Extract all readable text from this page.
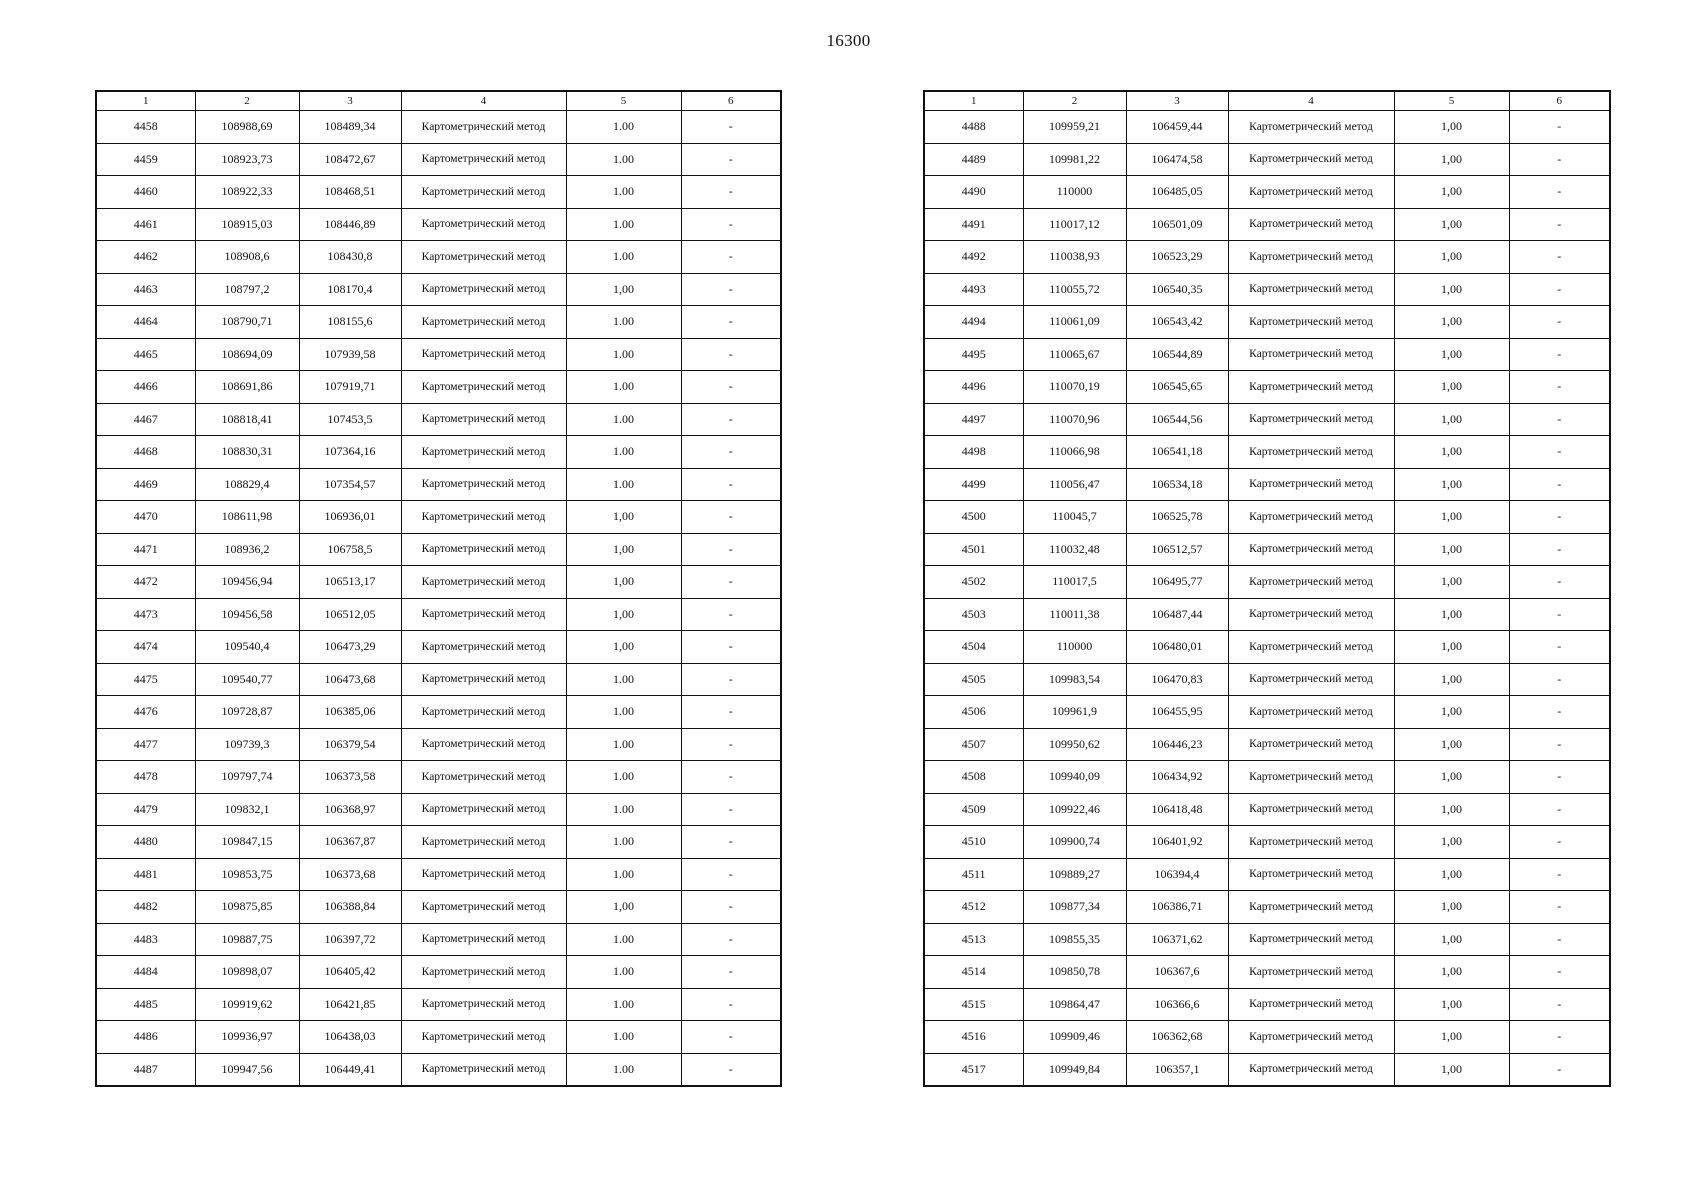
16300
1	2	3	4	5	6
4458	108988,69	108489,34	Картометрический метод	1.00	-
4459	108923,73	108472,67	Картометрический метод	1.00	-
4460	108922,33	108468,51	Картометрический метод	1.00	-
4461	108915,03	108446,89	Картометрический метод	1.00	-
4462	108908,6	108430,8	Картометрический метод	1.00	-
4463	108797,2	108170,4	Картометрический метод	1,00	-
4464	108790,71	108155,6	Картометрический метод	1.00	-
4465	108694,09	107939,58	Картометрический метод	1.00	-
4466	108691,86	107919,71	Картометрический метод	1.00	-
4467	108818,41	107453,5	Картометрический метод	1.00	-
4468	108830,31	107364,16	Картометрический метод	1.00	-
4469	108829,4	107354,57	Картометрический метод	1.00	-
4470	108611,98	106936,01	Картометрический метод	1,00	-
4471	108936,2	106758,5	Картометрический метод	1,00	-
4472	109456,94	106513,17	Картометрический метод	1,00	-
4473	109456,58	106512,05	Картометрический метод	1,00	-
4474	109540,4	106473,29	Картометрический метод	1,00	-
4475	109540,77	106473,68	Картометрический метод	1.00	-
4476	109728,87	106385,06	Картометрический метод	1.00	-
4477	109739,3	106379,54	Картометрический метод	1.00	-
4478	109797,74	106373,58	Картометрический метод	1.00	-
4479	109832,1	106368,97	Картометрический метод	1.00	-
4480	109847,15	106367,87	Картометрический метод	1.00	-
4481	109853,75	106373,68	Картометрический метод	1.00	-
4482	109875,85	106388,84	Картометрический метод	1,00	-
4483	109887,75	106397,72	Картометрический метод	1.00	-
4484	109898,07	106405,42	Картометрический метод	1.00	-
4485	109919,62	106421,85	Картометрический метод	1.00	-
4486	109936,97	106438,03	Картометрический метод	1.00	-
4487	109947,56	106449,41	Картометрический метод	1.00	-
1	2	3	4	5	6
4488	109959,21	106459,44	Картометрический метод	1,00	-
4489	109981,22	106474,58	Картометрический метод	1,00	-
4490	110000	106485,05	Картометрический метод	1,00	-
4491	110017,12	106501,09	Картометрический метод	1,00	-
4492	110038,93	106523,29	Картометрический метод	1,00	-
4493	110055,72	106540,35	Картометрический метод	1,00	-
4494	110061,09	106543,42	Картометрический метод	1,00	-
4495	110065,67	106544,89	Картометрический метод	1,00	-
4496	110070,19	106545,65	Картометрический метод	1,00	-
4497	110070,96	106544,56	Картометрический метод	1,00	-
4498	110066,98	106541,18	Картометрический метод	1,00	-
4499	110056,47	106534,18	Картометрический метод	1,00	-
4500	110045,7	106525,78	Картометрический метод	1,00	-
4501	110032,48	106512,57	Картометрический метод	1,00	-
4502	110017,5	106495,77	Картометрический метод	1,00	-
4503	110011,38	106487,44	Картометрический метод	1,00	-
4504	110000	106480,01	Картометрический метод	1,00	-
4505	109983,54	106470,83	Картометрический метод	1,00	-
4506	109961,9	106455,95	Картометрический метод	1,00	-
4507	109950,62	106446,23	Картометрический метод	1,00	-
4508	109940,09	106434,92	Картометрический метод	1,00	-
4509	109922,46	106418,48	Картометрический метод	1,00	-
4510	109900,74	106401,92	Картометрический метод	1,00	-
4511	109889,27	106394,4	Картометрический метод	1,00	-
4512	109877,34	106386,71	Картометрический метод	1,00	-
4513	109855,35	106371,62	Картометрический метод	1,00	-
4514	109850,78	106367,6	Картометрический метод	1,00	-
4515	109864,47	106366,6	Картометрический метод	1,00	-
4516	109909,46	106362,68	Картометрический метод	1,00	-
4517	109949,84	106357,1	Картометрический метод	1,00	-
